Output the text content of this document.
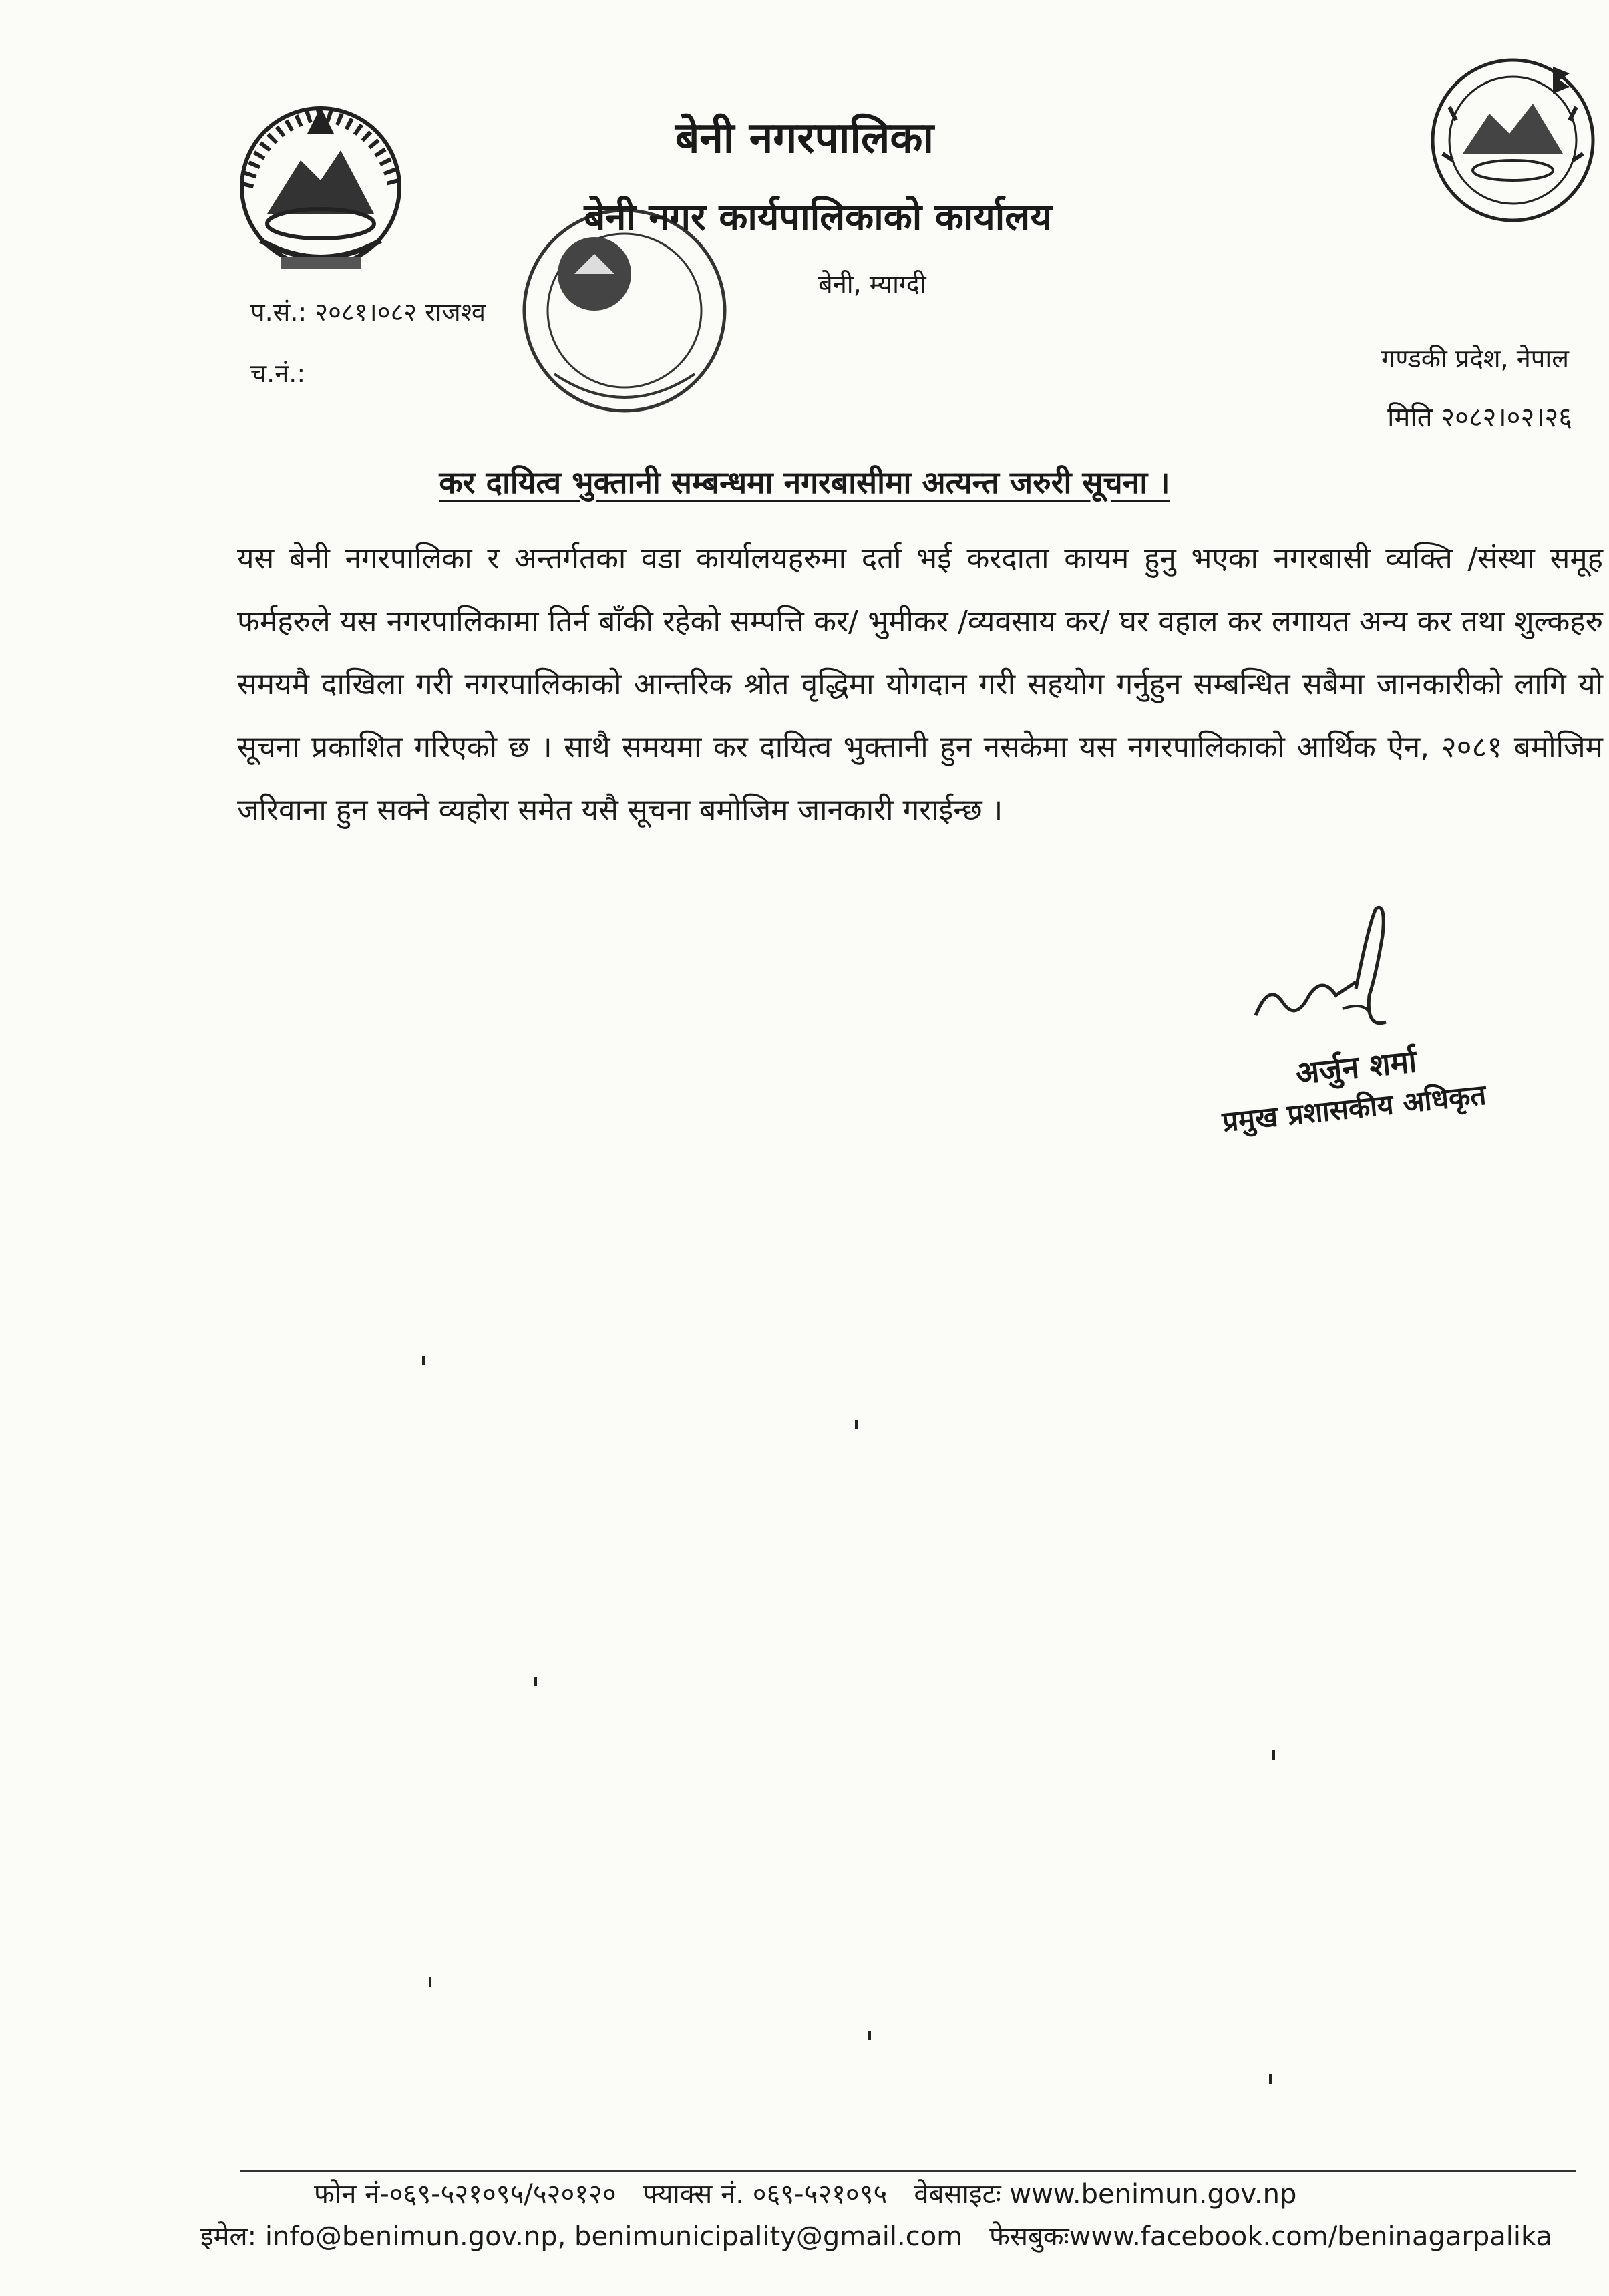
बेनी नगरपालिका
बेनी नगर कार्यपालिकाको कार्यालय
बेनी, म्याग्दी
प.सं.: २०८१।०८२ राजश्व
च.नं.:	गण्डकी प्रदेश, नेपाल
मिति २०८२।०२।२६
कर दायित्व भुक्तानी सम्बन्धमा नगरबासीमा अत्यन्त जरुरी सूचना ।
यस बेनी नगरपालिका र अन्तर्गतका वडा कार्यालयहरुमा दर्ता भई करदाता कायम हुनु भएका नगरबासी व्यक्ति /संस्था समूह फर्महरुले यस नगरपालिकामा तिर्न बाँकी रहेको सम्पत्ति कर/ भुमीकर /व्यवसाय कर/ घर वहाल कर लगायत अन्य कर तथा शुल्कहरु समयमै दाखिला गरी नगरपालिकाको आन्तरिक श्रोत वृद्धिमा योगदान गरी सहयोग गर्नुहुन सम्बन्धित सबैमा जानकारीको लागि यो सूचना प्रकाशित गरिएको छ । साथै समयमा कर दायित्व भुक्तानी हुन नसकेमा यस नगरपालिकाको आर्थिक ऐन, २०८१ बमोजिम जरिवाना हुन सक्ने व्यहोरा समेत यसै सूचना बमोजिम जानकारी गराईन्छ ।
अर्जुन शर्मा
प्रमुख प्रशासकीय अधिकृत
फोन नं-०६९-५२१०९५/५२०१२० फ्याक्स नं. ०६९-५२१०९५ वेबसाइटः www.benimun.gov.np
इमेल: info@benimun.gov.np, benimunicipality@gmail.com फेसबुकःwww.facebook.com/beninagarpalika
